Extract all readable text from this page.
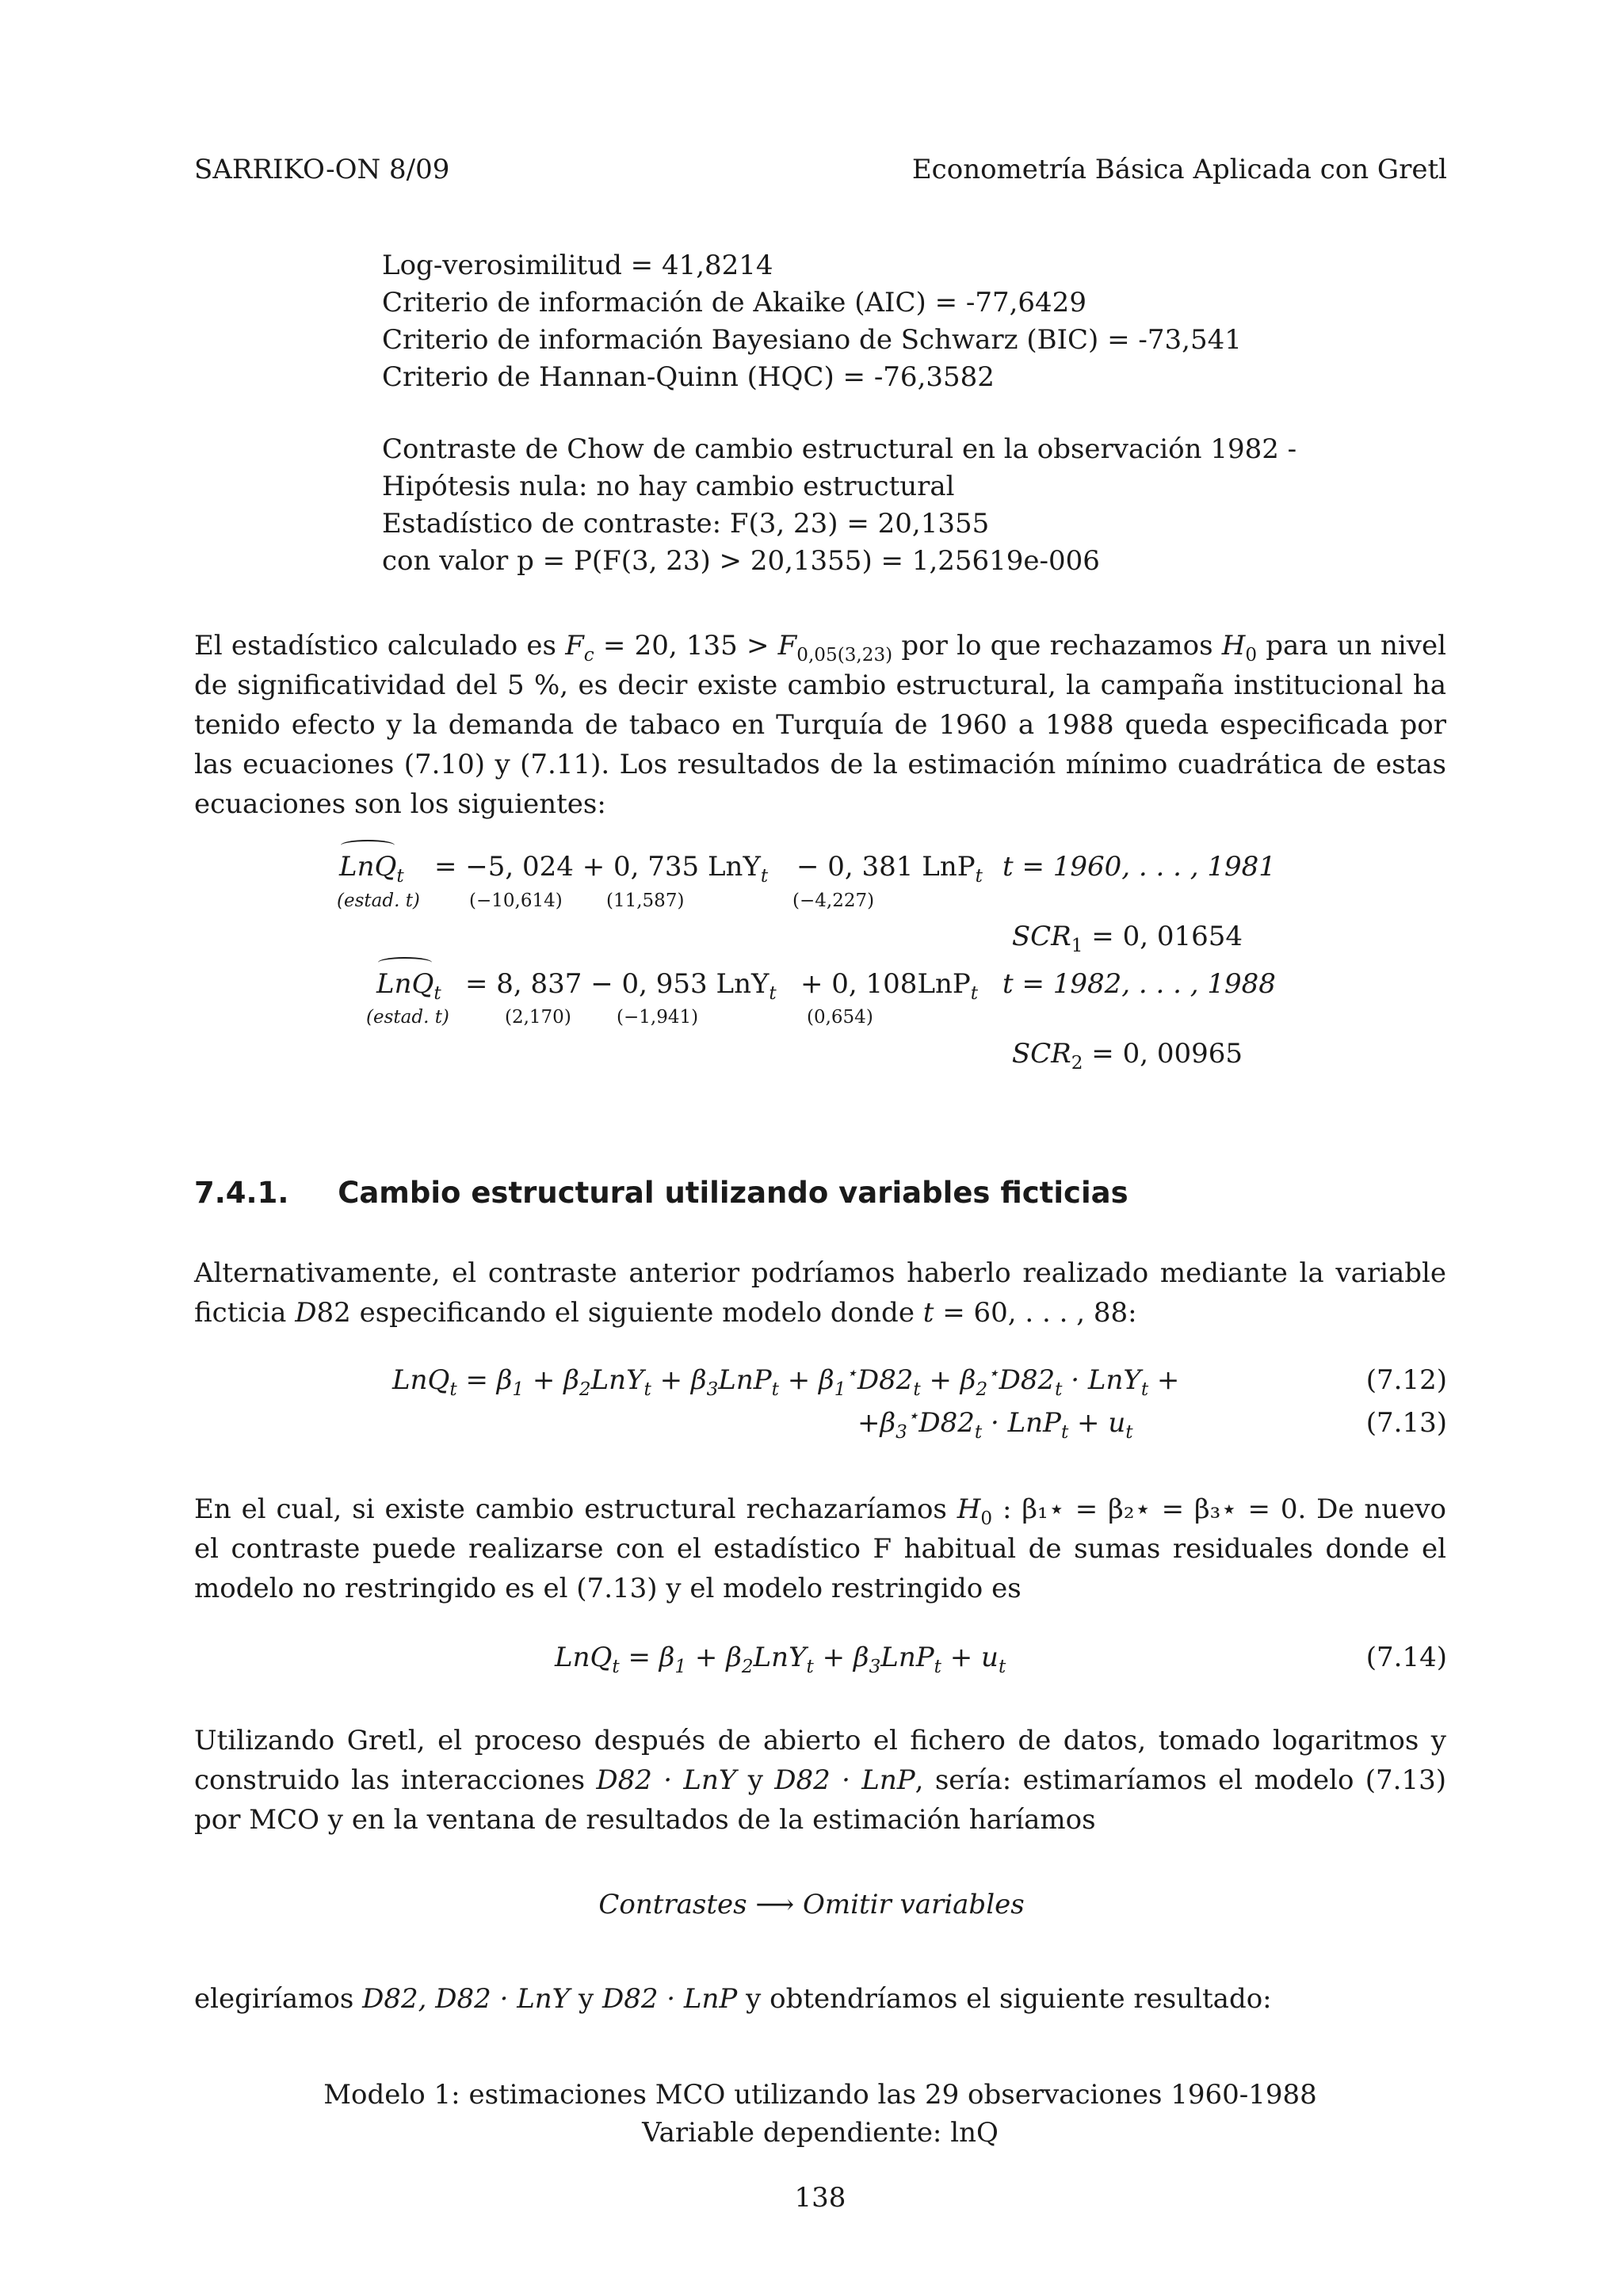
SARRIKO-ON 8/09	Econometría Básica Aplicada con Gretl
Log-verosimilitud = 41,8214
Criterio de información de Akaike (AIC) = -77,6429
Criterio de información Bayesiano de Schwarz (BIC) = -73,541
Criterio de Hannan-Quinn (HQC) = -76,3582
Contraste de Chow de cambio estructural en la observación 1982 -
Hipótesis nula: no hay cambio estructural
Estadístico de contraste: F(3, 23) = 20,1355
con valor p = P(F(3, 23) > 20,1355) = 1,25619e-006
El estadístico calculado es $F_c = 20$, $135 > F_{0,05(3,23)}$ por lo que rechazamos $H_0$ para un nivel de significatividad del 5 %, es decir existe cambio estructural, la campaña institucional ha tenido efecto y la demanda de tabaco en Turquía de 1960 a 1988 queda especificada por las ecuaciones (7.10) y (7.11). Los resultados de la estimación mínimo cuadrática de estas ecuaciones son los siguientes:
LnQ$_t$ = −5, 024 + 0, 735 LnY$_t$ − 0, 381 LnP$_t$ t = 1960, . . . , 1981
(estad. t)	(−10,614) (11,587)	(−4,227)
$SCR_1 = 0$, 01654
LnQ$_t$ = 8, 837 − 0, 953 LnY$_t$ + 0, 108LnP$_t$ t = 1982, . . . , 1988
(estad. t)	(2,170) (−1,941)	(0,654)
$SCR_2 = 0$, 00965
7.4.1. Cambio estructural utilizando variables ficticias
Alternativamente, el contraste anterior podríamos haberlo realizado mediante la variable ficticia D82 especificando el siguiente modelo donde t = 60, . . . , 88:
$LnQ_t = \beta_1 + \beta_2LnY_t + \beta_3LnP_t + \beta_1^⋆D82_t + \beta_2^⋆D82_t \cdot LnY_t$ +	(7.12)
$+\beta_3^⋆D82_t \cdot LnP_t + u_t$	(7.13)
En el cual, si existe cambio estructural rechazaríamos $H_0$ : β₁⋆ = β₂⋆ = β₃⋆ = 0. De nuevo el contraste puede realizarse con el estadístico F habitual de sumas residuales donde el modelo no restringido es el (7.13) y el modelo restringido es
$LnQ_t = \beta_1 + \beta_2LnY_t + \beta_3LnP_t + u_t$	(7.14)
Utilizando Gretl, el proceso después de abierto el fichero de datos, tomado logaritmos y construido las interacciones D82 · LnY y D82 · LnP, sería: estimaríamos el modelo (7.13) por MCO y en la ventana de resultados de la estimación haríamos
Contrastes ⟶ Omitir variables
elegiríamos D82, D82 · LnY y D82 · LnP y obtendríamos el siguiente resultado:
Modelo 1: estimaciones MCO utilizando las 29 observaciones 1960-1988
Variable dependiente: lnQ
138
